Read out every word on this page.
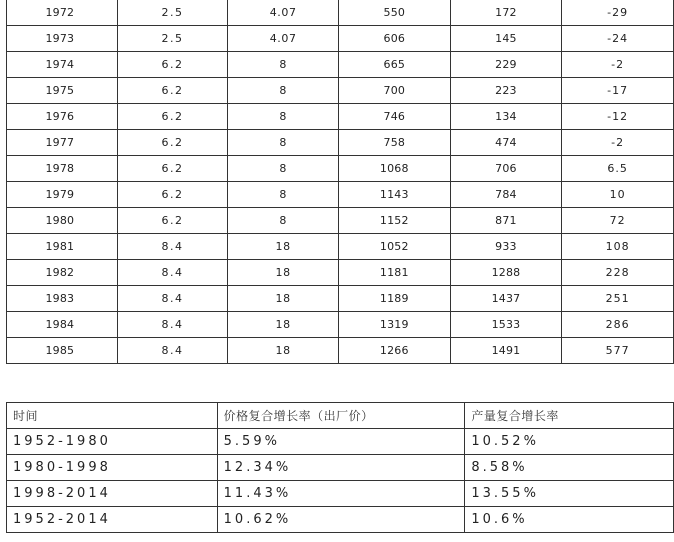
1972	2.5	4.07	550	172	-29
1973	2.5	4.07	606	145	-24
1974	6.2	8	665	229	-2
1975	6.2	8	700	223	-17
1976	6.2	8	746	134	-12
1977	6.2	8	758	474	-2
1978	6.2	8	1068	706	6.5
1979	6.2	8	1143	784	10
1980	6.2	8	1152	871	72
1981	8.4	18	1052	933	108
1982	8.4	18	1181	1288	228
1983	8.4	18	1189	1437	251
1984	8.4	18	1319	1533	286
1985	8.4	18	1266	1491	577
时间	价格复合增长率（出厂价）	产量复合增长率
1952-1980	5.59%	10.52%
1980-1998	12.34%	8.58%
1998-2014	11.43%	13.55%
1952-2014	10.62%	10.6%
